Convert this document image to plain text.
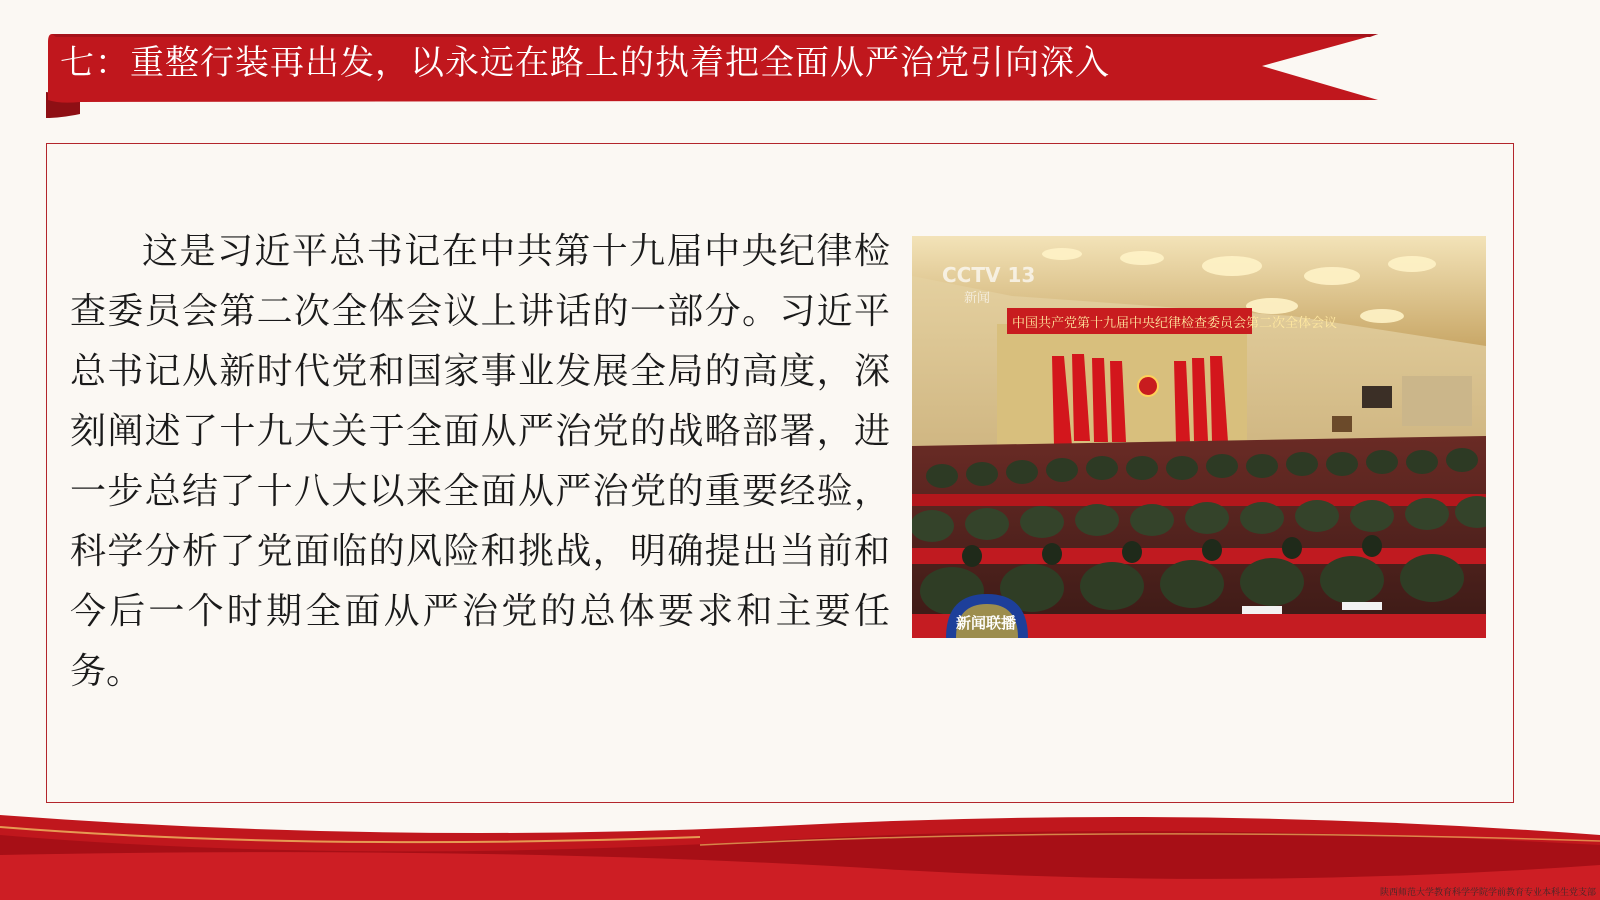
七：重整行装再出发，以永远在路上的执着把全面从严治党引向深入

这是习近平总书记在中共第十九届中央纪律检查委员会第二次全体会议上讲话的一部分。习近平总书记从新时代党和国家事业发展全局的高度，深刻阐述了十九大关于全面从严治党的战略部署，进一步总结了十八大以来全面从严治党的重要经验，科学分析了党面临的风险和挑战，明确提出当前和今后一个时期全面从严治党的总体要求和主要任务。

中国共产党第十九届中央纪律检查委员会第二次全体会议
CCTV 13
新闻
新闻联播
陕西师范大学教育科学学院学前教育专业本科生党支部
